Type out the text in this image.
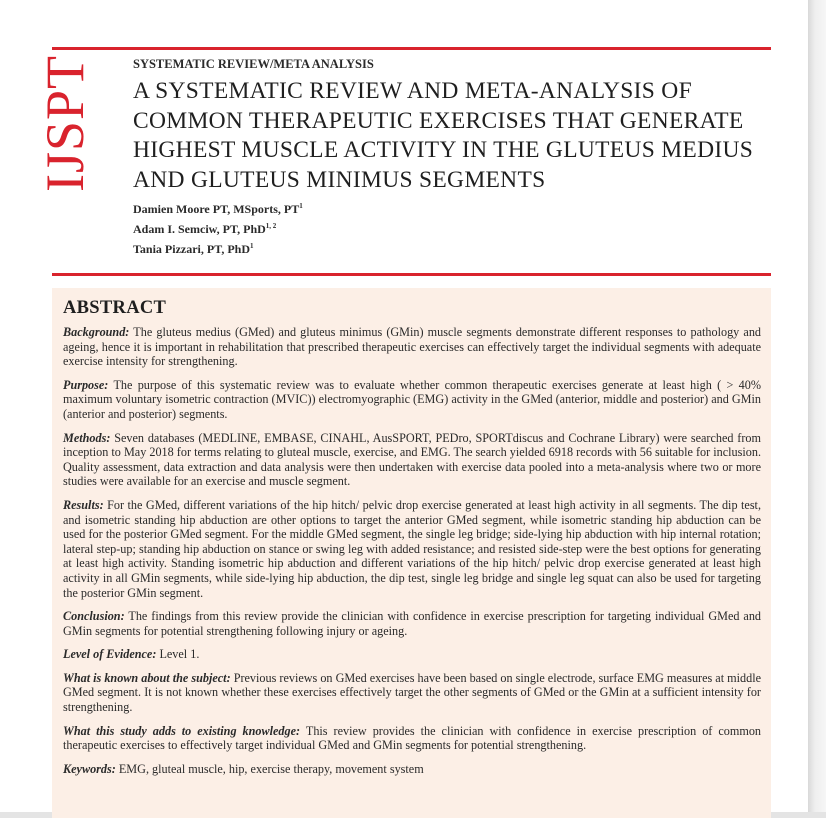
IJSPT	SYSTEMATIC REVIEW/META ANALYSIS
A SYSTEMATIC REVIEW AND META-ANALYSIS OF COMMON THERAPEUTIC EXERCISES THAT GENERATE HIGHEST MUSCLE ACTIVITY IN THE GLUTEUS MEDIUS AND GLUTEUS MINIMUS SEGMENTS
Damien Moore PT, MSports, $PT^1$
Adam I. Semciw, PT, PhD$^{1, 2}$
Tania Pizzari, PT, PhD$^1$
ABSTRACT

Background: The gluteus medius (GMed) and gluteus minimus (GMin) muscle segments demonstrate different responses to pathology and ageing, hence it is important in rehabilitation that prescribed therapeutic exercises can effectively target the individual segments with adequate exercise intensity for strengthening.

Purpose: The purpose of this systematic review was to evaluate whether common therapeutic exercises generate at least high ( > 40% maximum voluntary isometric contraction (MVIC)) electromyographic (EMG) activity in the GMed (anterior, middle and posterior) and GMin (anterior and posterior) segments.

Methods: Seven databases (MEDLINE, EMBASE, CINAHL, AusSPORT, PEDro, SPORTdiscus and Cochrane Library) were searched from inception to May 2018 for terms relating to gluteal muscle, exercise, and EMG. The search yielded 6918 records with 56 suitable for inclusion. Quality assessment, data extraction and data analysis were then undertaken with exercise data pooled into a meta-analysis where two or more studies were available for an exercise and muscle segment.

Results: For the GMed, different variations of the hip hitch/ pelvic drop exercise generated at least high activity in all segments. The dip test, and isometric standing hip abduction are other options to target the anterior GMed segment, while isometric standing hip abduction can be used for the posterior GMed segment. For the middle GMed segment, the single leg bridge; side-lying hip abduction with hip internal rotation; lateral step-up; standing hip abduction on stance or swing leg with added resistance; and resisted side-step were the best options for generating at least high activity. Standing isometric hip abduction and different variations of the hip hitch/ pelvic drop exercise generated at least high activity in all GMin segments, while side-lying hip abduction, the dip test, single leg bridge and single leg squat can also be used for targeting the posterior GMin segment.

Conclusion: The findings from this review provide the clinician with confidence in exercise prescription for targeting individual GMed and GMin segments for potential strengthening following injury or ageing.

Level of Evidence: Level 1.

What is known about the subject: Previous reviews on GMed exercises have been based on single electrode, surface EMG measures at middle GMed segment. It is not known whether these exercises effectively target the other segments of GMed or the GMin at a sufficient intensity for strengthening.

What this study adds to existing knowledge: This review provides the clinician with confidence in exercise prescription of common therapeutic exercises to effectively target individual GMed and GMin segments for potential strengthening.

Keywords: EMG, gluteal muscle, hip, exercise therapy, movement system
